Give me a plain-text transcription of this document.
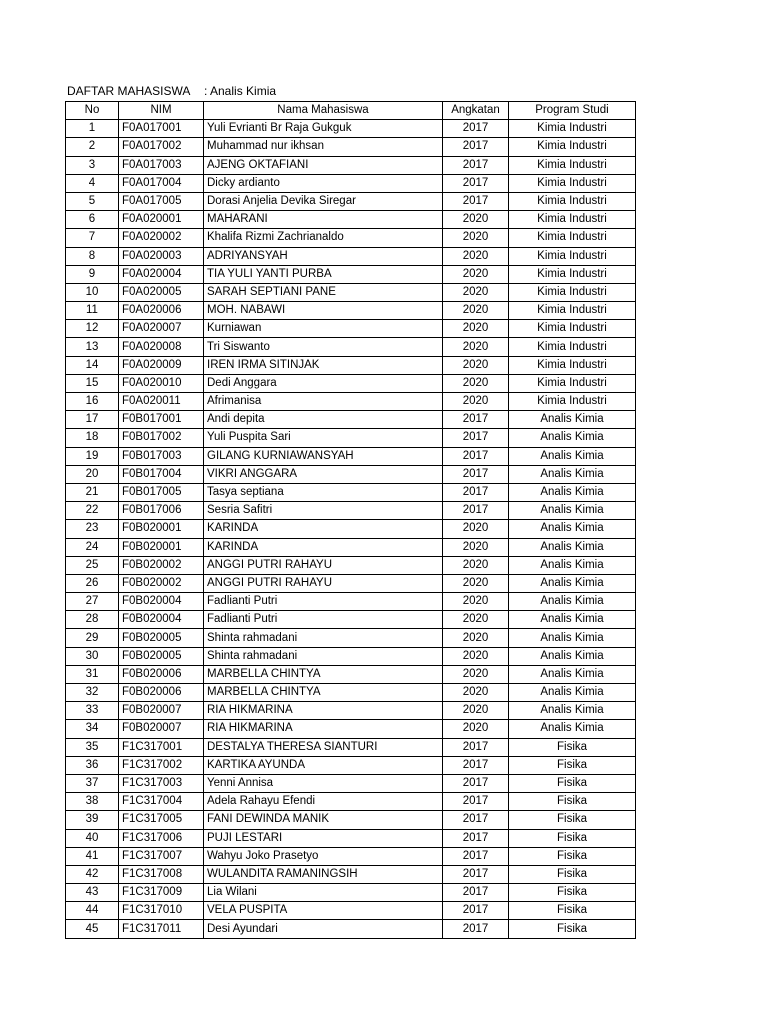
DAFTAR MAHASISWA : Analis Kimia
No	NIM	Nama Mahasiswa	Angkatan	Program Studi
1	F0A017001	Yuli Evrianti Br Raja Gukguk	2017	Kimia Industri
2	F0A017002	Muhammad nur ikhsan	2017	Kimia Industri
3	F0A017003	AJENG OKTAFIANI	2017	Kimia Industri
4	F0A017004	Dicky ardianto	2017	Kimia Industri
5	F0A017005	Dorasi Anjelia Devika Siregar	2017	Kimia Industri
6	F0A020001	MAHARANI	2020	Kimia Industri
7	F0A020002	Khalifa Rizmi Zachrianaldo	2020	Kimia Industri
8	F0A020003	ADRIYANSYAH	2020	Kimia Industri
9	F0A020004	TIA YULI YANTI PURBA	2020	Kimia Industri
10	F0A020005	SARAH SEPTIANI PANE	2020	Kimia Industri
11	F0A020006	MOH. NABAWI	2020	Kimia Industri
12	F0A020007	Kurniawan	2020	Kimia Industri
13	F0A020008	Tri Siswanto	2020	Kimia Industri
14	F0A020009	IREN IRMA SITINJAK	2020	Kimia Industri
15	F0A020010	Dedi Anggara	2020	Kimia Industri
16	F0A020011	Afrimanisa	2020	Kimia Industri
17	F0B017001	Andi depita	2017	Analis Kimia
18	F0B017002	Yuli Puspita Sari	2017	Analis Kimia
19	F0B017003	GILANG KURNIAWANSYAH	2017	Analis Kimia
20	F0B017004	VIKRI ANGGARA	2017	Analis Kimia
21	F0B017005	Tasya septiana	2017	Analis Kimia
22	F0B017006	Sesria Safitri	2017	Analis Kimia
23	F0B020001	KARINDA	2020	Analis Kimia
24	F0B020001	KARINDA	2020	Analis Kimia
25	F0B020002	ANGGI PUTRI RAHAYU	2020	Analis Kimia
26	F0B020002	ANGGI PUTRI RAHAYU	2020	Analis Kimia
27	F0B020004	Fadlianti Putri	2020	Analis Kimia
28	F0B020004	Fadlianti Putri	2020	Analis Kimia
29	F0B020005	Shinta rahmadani	2020	Analis Kimia
30	F0B020005	Shinta rahmadani	2020	Analis Kimia
31	F0B020006	MARBELLA CHINTYA	2020	Analis Kimia
32	F0B020006	MARBELLA CHINTYA	2020	Analis Kimia
33	F0B020007	RIA HIKMARINA	2020	Analis Kimia
34	F0B020007	RIA HIKMARINA	2020	Analis Kimia
35	F1C317001	DESTALYA THERESA SIANTURI	2017	Fisika
36	F1C317002	KARTIKA AYUNDA	2017	Fisika
37	F1C317003	Yenni Annisa	2017	Fisika
38	F1C317004	Adela Rahayu Efendi	2017	Fisika
39	F1C317005	FANI DEWINDA MANIK	2017	Fisika
40	F1C317006	PUJI LESTARI	2017	Fisika
41	F1C317007	Wahyu Joko Prasetyo	2017	Fisika
42	F1C317008	WULANDITA RAMANINGSIH	2017	Fisika
43	F1C317009	Lia Wilani	2017	Fisika
44	F1C317010	VELA PUSPITA	2017	Fisika
45	F1C317011	Desi Ayundari	2017	Fisika
